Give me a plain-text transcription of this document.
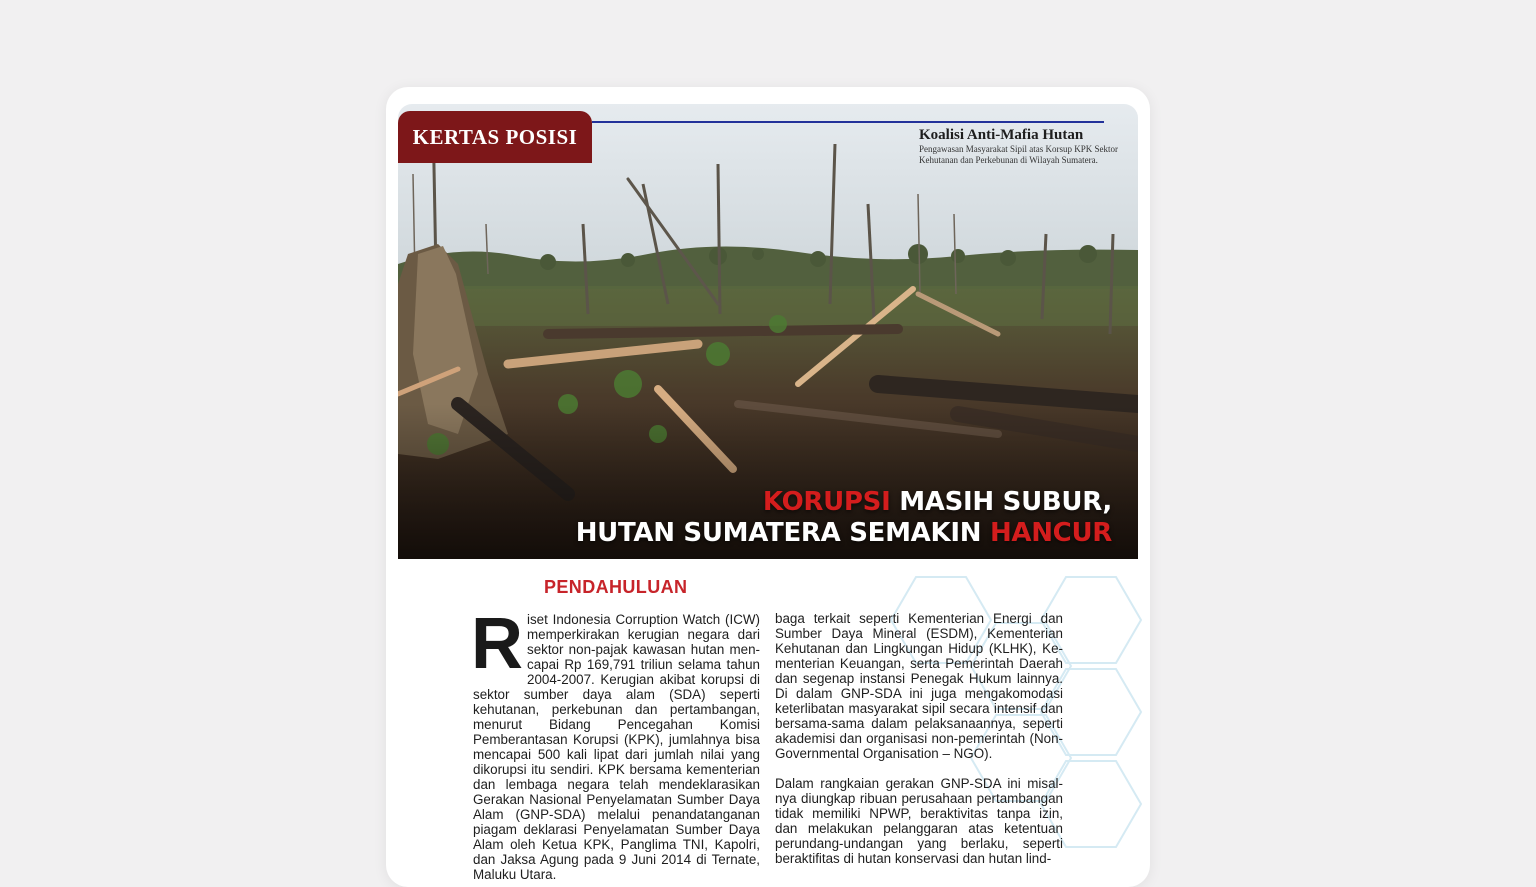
KERTAS POSISI	Koalisi Anti-Mafia Hutan
Pengawasan Masyarakat Sipil atas Korsup KPK Sektor Kehutanan dan Perkebunan di Wilayah Sumatera.
KORUPSI MASIH SUBUR,
HUTAN SUMATERA SEMAKIN HANCUR
PENDAHULUAN
R iset Indonesia Corruption Watch (ICW) memperkirakan kerugian negara dari sektor non-pajak kawasan hutan mencapai Rp 169,791 triliun selama tahun 2004-2007. Kerugian akibat korupsi di sektor sumber daya alam (SDA) seperti kehutanan, perkebunan dan pertambangan, menurut Bidang Pencegahan Komisi Pemberantasan Korupsi (KPK), jumlahnya bisa mencapai 500 kali lipat dari jumlah nilai yang dikorupsi itu sendiri. KPK bersama kementerian dan lembaga negara telah mendeklarasikan Gerakan Nasional Penyelamatan Sumber Daya Alam (GNP-SDA) melalui penandatanganan piagam deklarasi Penyelamatan Sumber Daya Alam oleh Ketua KPK, Panglima TNI, Kapolri, dan Jaksa Agung pada 9 Juni 2014 di Ternate, Maluku Utara.

baga terkait seperti Kementerian Energi dan Sumber Daya Mineral (ESDM), Kementerian Kehutanan dan Lingkungan Hidup (KLHK), Kementerian Keuangan, serta Pemerintah Daerah dan segenap instansi Penegak Hukum lainnya. Di dalam GNP-SDA ini juga mengakomodasi keterlibatan masyarakat sipil secara intensif dan bersama-sama dalam pelaksanaannya, seperti akademisi dan organisasi non-pemerintah (Non-Governmental Organisation – NGO).

Dalam rangkaian gerakan GNP-SDA ini misalnya diungkap ribuan perusahaan pertambangan tidak memiliki NPWP, beraktivitas tanpa izin, dan melakukan pelanggaran atas ketentuan perundang-undangan yang berlaku, seperti beraktifitas di hutan konservasi dan hutan lind-
